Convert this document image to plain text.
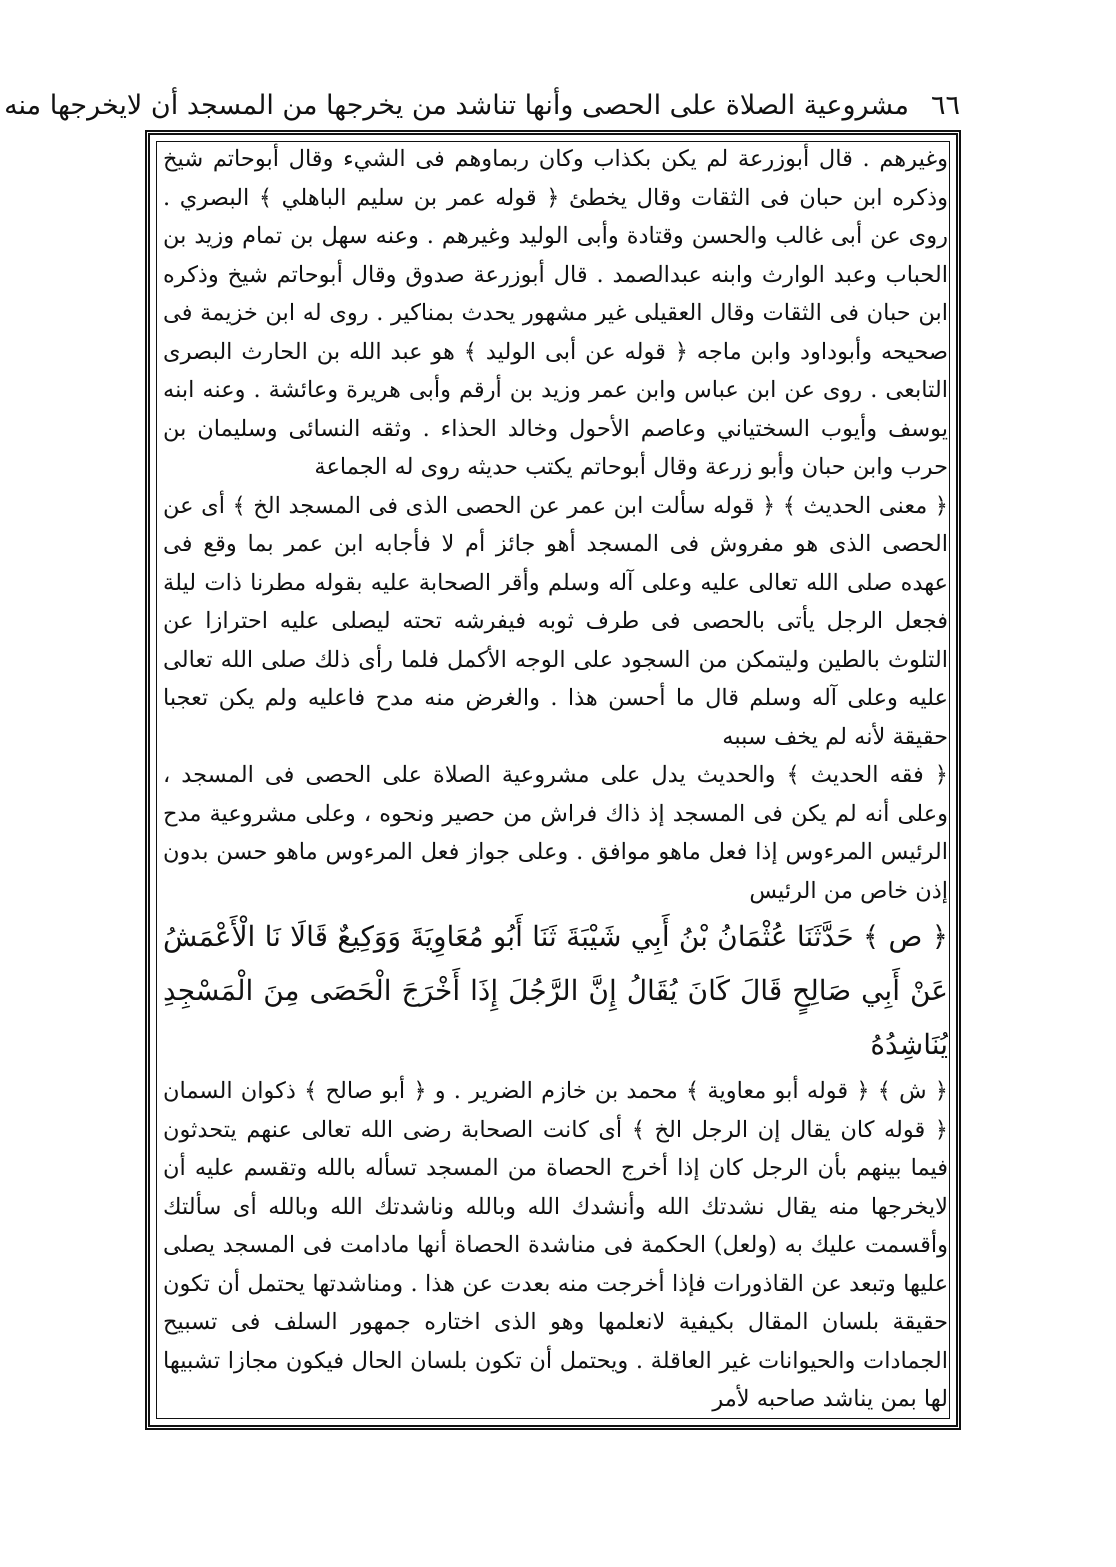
٦٦
مشروعية الصلاة على الحصى وأنها تناشد من يخرجها من المسجد أن لايخرجها منه

وغيرهم . قال أبوزرعة لم يكن بكذاب وكان ربماوهم فى الشيء وقال أبوحاتم شيخ وذكره ابن حبان فى الثقات وقال يخطئ ﴿ قوله عمر بن سليم الباهلي ﴾ البصري . روى عن أبى غالب والحسن وقتادة وأبى الوليد وغيرهم . وعنه سهل بن تمام وزيد بن الحباب وعبد الوارث وابنه عبدالصمد . قال أبوزرعة صدوق وقال أبوحاتم شيخ وذكره ابن حبان فى الثقات وقال العقيلى غير مشهور يحدث بمناكير . روى له ابن خزيمة فى صحيحه وأبوداود وابن ماجه ﴿ قوله عن أبى الوليد ﴾ هو عبد الله بن الحارث البصرى التابعى . روى عن ابن عباس وابن عمر وزيد بن أرقم وأبى هريرة وعائشة . وعنه ابنه يوسف وأيوب السختياني وعاصم الأحول وخالد الحذاء . وثقه النسائى وسليمان بن حرب وابن حبان وأبو زرعة وقال أبوحاتم يكتب حديثه روى له الجماعة

﴿ معنى الحديث ﴾ ﴿ قوله سألت ابن عمر عن الحصى الذى فى المسجد الخ ﴾ أى عن الحصى الذى هو مفروش فى المسجد أهو جائز أم لا فأجابه ابن عمر بما وقع فى عهده صلى الله تعالى عليه وعلى آله وسلم وأقر الصحابة عليه بقوله مطرنا ذات ليلة فجعل الرجل يأتى بالحصى فى طرف ثوبه فيفرشه تحته ليصلى عليه احترازا عن التلوث بالطين وليتمكن من السجود على الوجه الأكمل فلما رأى ذلك صلى الله تعالى عليه وعلى آله وسلم قال ما أحسن هذا . والغرض منه مدح فاعليه ولم يكن تعجبا حقيقة لأنه لم يخف سببه

﴿ فقه الحديث ﴾ والحديث يدل على مشروعية الصلاة على الحصى فى المسجد ، وعلى أنه لم يكن فى المسجد إذ ذاك فراش من حصير ونحوه ، وعلى مشروعية مدح الرئيس المرءوس إذا فعل ماهو موافق . وعلى جواز فعل المرءوس ماهو حسن بدون إذن خاص من الرئيس

﴿ ص ﴾ حَدَّثَنَا عُثْمَانُ بْنُ أَبِي شَيْبَةَ ثَنَا أَبُو مُعَاوِيَةَ وَوَكِيعٌ قَالَا نَا الْأَعْمَشُ عَنْ أَبِي صَالِحٍ قَالَ كَانَ يُقَالُ إِنَّ الرَّجُلَ إِذَا أَخْرَجَ الْحَصَى مِنَ الْمَسْجِدِ يُنَاشِدُهُ

﴿ ش ﴾ ﴿ قوله أبو معاوية ﴾ محمد بن خازم الضرير . و ﴿ أبو صالح ﴾ ذكوان السمان ﴿ قوله كان يقال إن الرجل الخ ﴾ أى كانت الصحابة رضى الله تعالى عنهم يتحدثون فيما بينهم بأن الرجل كان إذا أخرج الحصاة من المسجد تسأله بالله وتقسم عليه أن لايخرجها منه يقال نشدتك الله وأنشدك الله وبالله وناشدتك الله وبالله أى سألتك وأقسمت عليك به (ولعل) الحكمة فى مناشدة الحصاة أنها مادامت فى المسجد يصلى عليها وتبعد عن القاذورات فإذا أخرجت منه بعدت عن هذا . ومناشدتها يحتمل أن تكون حقيقة بلسان المقال بكيفية لانعلمها وهو الذى اختاره جمهور السلف فى تسبيح الجمادات والحيوانات غير العاقلة . ويحتمل أن تكون بلسان الحال فيكون مجازا تشبيها لها بمن يناشد صاحبه لأمر
